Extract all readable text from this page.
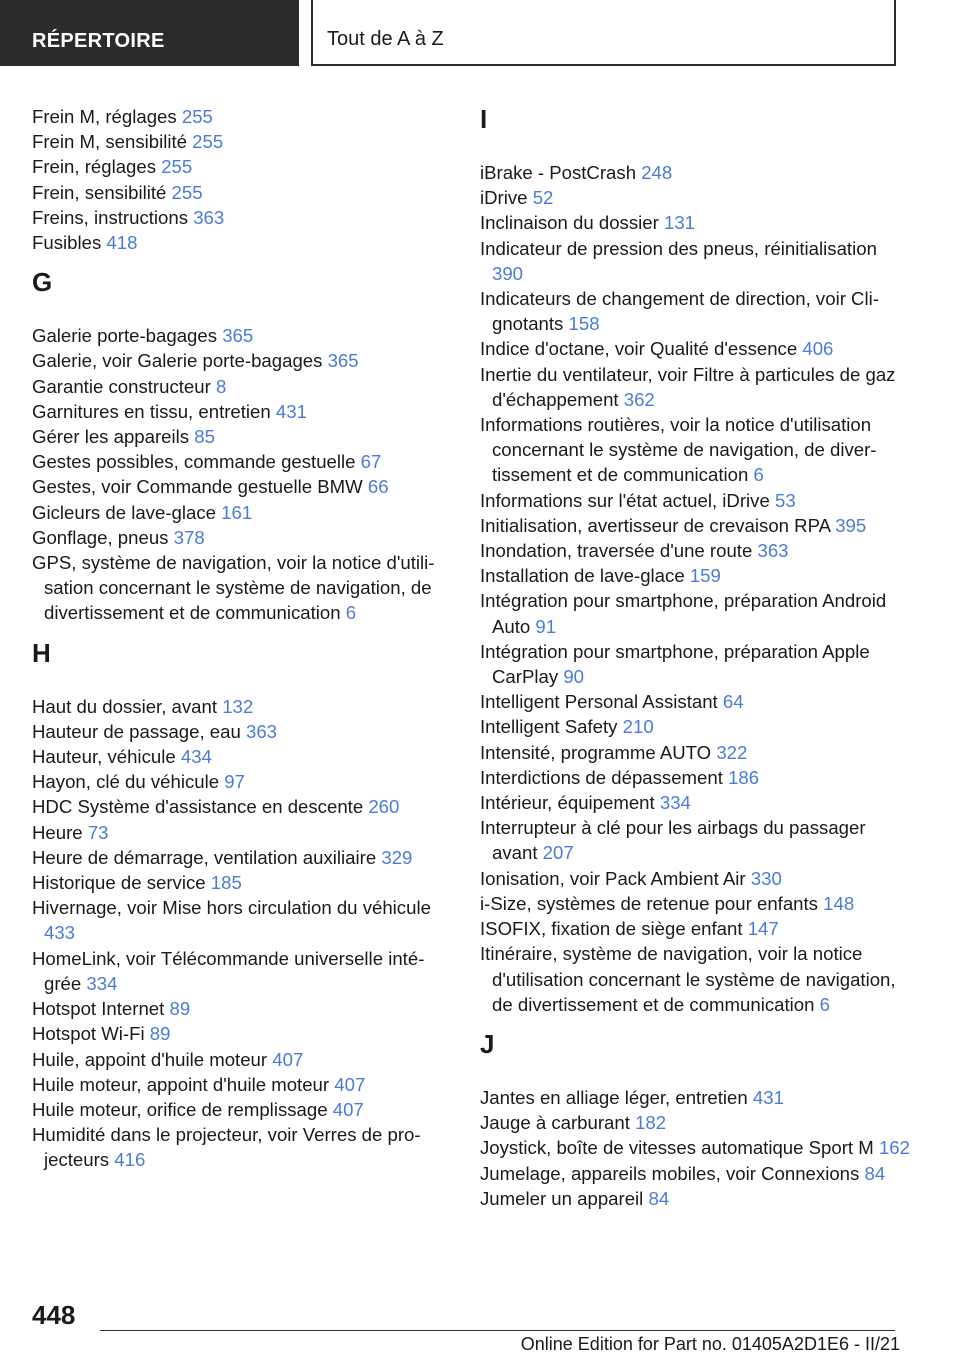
RÉPERTOIRE	Tout de A à Z
Frein M, réglages 255
Frein M, sensibilité 255
Frein, réglages 255
Frein, sensibilité 255
Freins, instructions 363
Fusibles 418
G
Galerie porte-bagages 365
Galerie, voir Galerie porte-bagages 365
Garantie constructeur 8
Garnitures en tissu, entretien 431
Gérer les appareils 85
Gestes possibles, commande gestuelle 67
Gestes, voir Commande gestuelle BMW 66
Gicleurs de lave-glace 161
Gonflage, pneus 378
GPS, système de navigation, voir la notice d'utilisation concernant le système de navigation, de divertissement et de communication 6
H
Haut du dossier, avant 132
Hauteur de passage, eau 363
Hauteur, véhicule 434
Hayon, clé du véhicule 97
HDC Système d'assistance en descente 260
Heure 73
Heure de démarrage, ventilation auxiliaire 329
Historique de service 185
Hivernage, voir Mise hors circulation du véhicule 433
HomeLink, voir Télécommande universelle intégrée 334
Hotspot Internet 89
Hotspot Wi-Fi 89
Huile, appoint d'huile moteur 407
Huile moteur, appoint d'huile moteur 407
Huile moteur, orifice de remplissage 407
Humidité dans le projecteur, voir Verres de projecteurs 416
I
iBrake - PostCrash 248
iDrive 52
Inclinaison du dossier 131
Indicateur de pression des pneus, réinitialisation 390
Indicateurs de changement de direction, voir Clignotants 158
Indice d'octane, voir Qualité d'essence 406
Inertie du ventilateur, voir Filtre à particules de gaz d'échappement 362
Informations routières, voir la notice d'utilisation concernant le système de navigation, de divertissement et de communication 6
Informations sur l'état actuel, iDrive 53
Initialisation, avertisseur de crevaison RPA 395
Inondation, traversée d'une route 363
Installation de lave-glace 159
Intégration pour smartphone, préparation Android Auto 91
Intégration pour smartphone, préparation Apple CarPlay 90
Intelligent Personal Assistant 64
Intelligent Safety 210
Intensité, programme AUTO 322
Interdictions de dépassement 186
Intérieur, équipement 334
Interrupteur à clé pour les airbags du passager avant 207
Ionisation, voir Pack Ambient Air 330
i-Size, systèmes de retenue pour enfants 148
ISOFIX, fixation de siège enfant 147
Itinéraire, système de navigation, voir la notice d'utilisation concernant le système de navigation, de divertissement et de communication 6
J
Jantes en alliage léger, entretien 431
Jauge à carburant 182
Joystick, boîte de vitesses automatique Sport M 162
Jumelage, appareils mobiles, voir Connexions 84
Jumeler un appareil 84
448
Online Edition for Part no. 01405A2D1E6 - II/21
